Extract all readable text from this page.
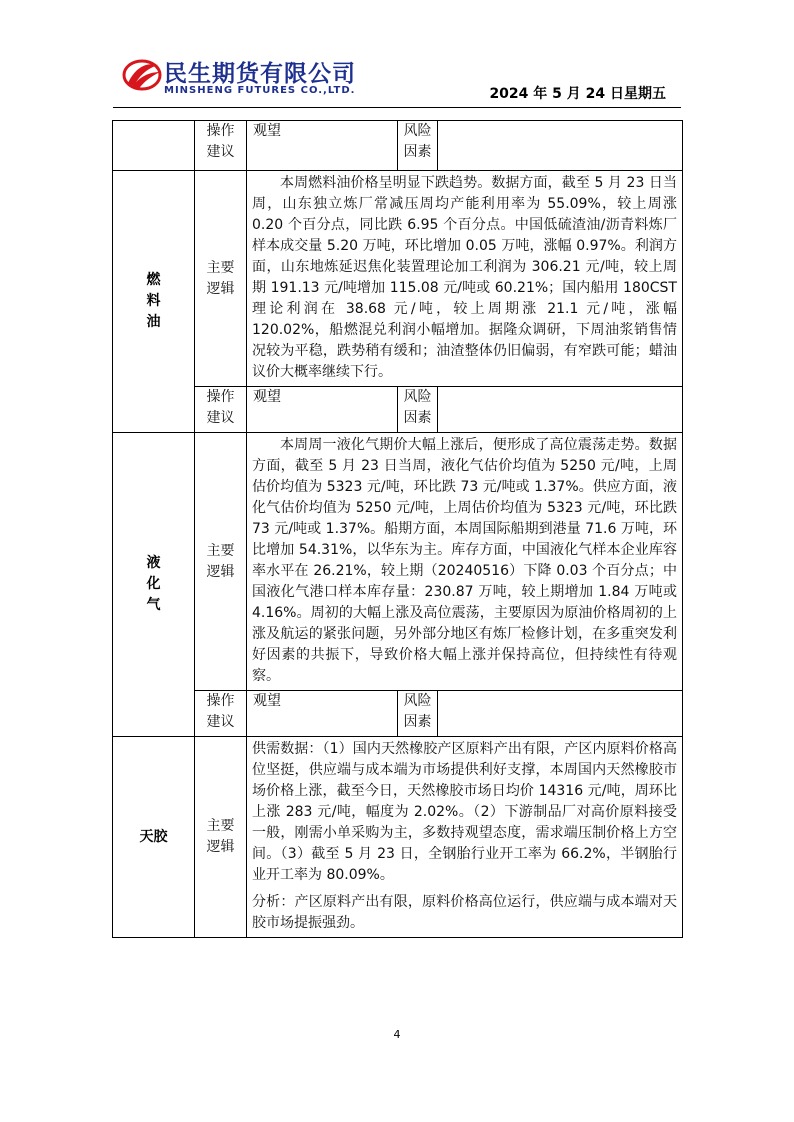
民生期货有限公司
MINSHENG FUTURES CO.,LTD.	2024 年 5 月 24 日星期五
	操作建议	观望	风险因素	
燃料油	主要逻辑	本周燃料油价格呈明显下跌趋势。数据方面，截至 5 月 23 日当周，山东独立炼厂常减压周均产能利用率为 55.09%，较上周涨 0.20 个百分点，同比跌 6.95 个百分点。中国低硫渣油/沥青料炼厂样本成交量 5.20 万吨，环比增加 0.05 万吨，涨幅 0.97%。利润方面，山东地炼延迟焦化装置理论加工利润为 306.21 元/吨，较上周期 191.13 元/吨增加 115.08 元/吨或 60.21%；国内船用 180CST 理论利润在 38.68 元/吨，较上周期涨 21.1 元/吨，涨幅 120.02%，船燃混兑利润小幅增加。据隆众调研，下周油浆销售情况较为平稳，跌势稍有缓和；油渣整体仍旧偏弱，有窄跌可能；蜡油议价大概率继续下行。		

	操作建议	观望	风险因素	
液化气	主要逻辑	本周周一液化气期价大幅上涨后，便形成了高位震荡走势。数据方面，截至 5 月 23 日当周，液化气估价均值为 5250 元/吨，上周估价均值为 5323 元/吨，环比跌 73 元/吨或 1.37%。供应方面，液化气估价均值为 5250 元/吨，上周估价均值为 5323 元/吨，环比跌 73 元/吨或 1.37%。船期方面，本周国际船期到港量 71.6 万吨，环比增加 54.31%，以华东为主。库存方面，中国液化气样本企业库容率水平在 26.21%，较上期（20240516）下降 0.03 个百分点；中国液化气港口样本库存量：230.87 万吨，较上期增加 1.84 万吨或 4.16%。周初的大幅上涨及高位震荡，主要原因为原油价格周初的上涨及航运的紧张问题，另外部分地区有炼厂检修计划，在多重突发利好因素的共振下，导致价格大幅上涨并保持高位，但持续性有待观察。		

	操作建议	观望	风险因素	
天胶	主要逻辑	供需数据：（1）国内天然橡胶产区原料产出有限，产区内原料价格高位坚挺，供应端与成本端为市场提供利好支撑，本周国内天然橡胶市场价格上涨，截至今日，天然橡胶市场日均价 14316 元/吨，周环比上涨 283 元/吨，幅度为 2.02%。（2）下游制品厂对高价原料接受一般，刚需小单采购为主，多数持观望态度，需求端压制价格上方空间。（3）截至 5 月 23 日，全钢胎行业开工率为 66.2%，半钢胎行业开工率为 80.09%。

分析：产区原料产出有限，原料价格高位运行，供应端与成本端对天胶市场提振强劲。		

4
